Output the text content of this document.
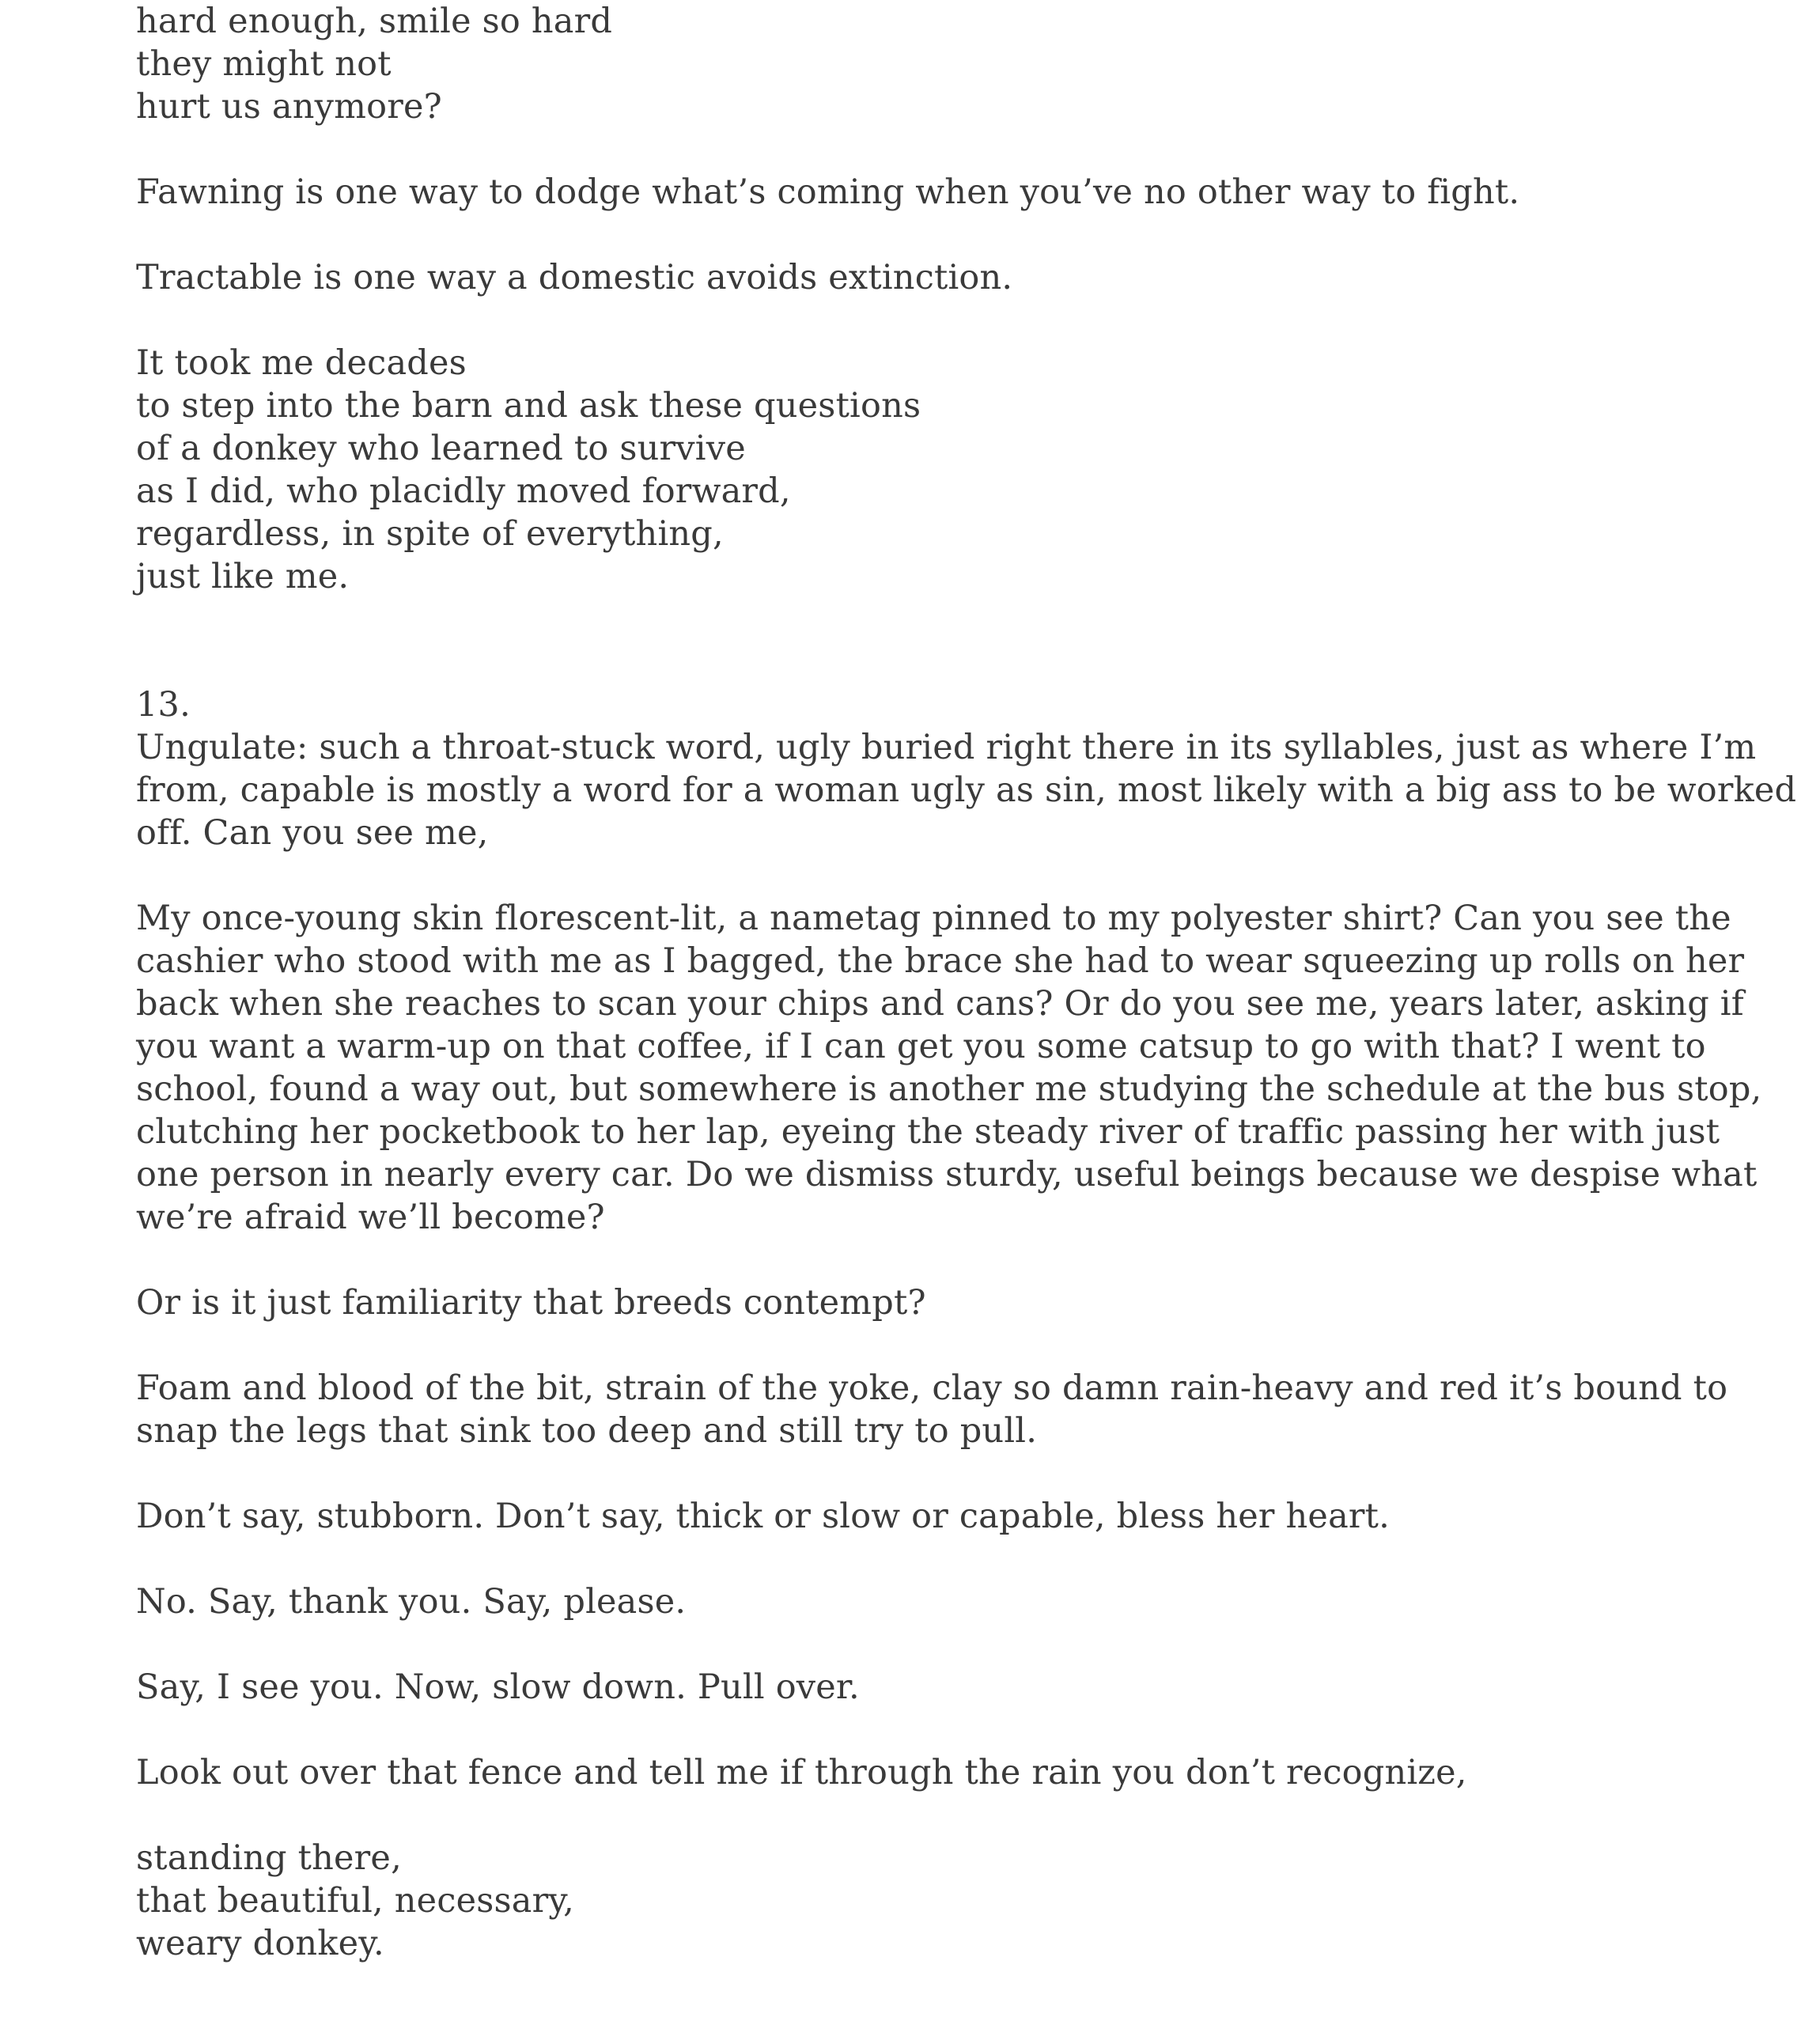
hard enough, smile so hard
they might not
hurt us anymore?
Fawning is one way to dodge what’s coming when you’ve no other way to fight.
Tractable is one way a domestic avoids extinction.
It took me decades
to step into the barn and ask these questions
of a donkey who learned to survive
as I did, who placidly moved forward,
regardless, in spite of everything,
just like me.
13.
Ungulate: such a throat-stuck word, ugly buried right there in its syllables, just as where I’m
from, capable is mostly a word for a woman ugly as sin, most likely with a big ass to be worked
off. Can you see me,
My once-young skin florescent-lit, a nametag pinned to my polyester shirt? Can you see the
cashier who stood with me as I bagged, the brace she had to wear squeezing up rolls on her
back when she reaches to scan your chips and cans? Or do you see me, years later, asking if
you want a warm-up on that coffee, if I can get you some catsup to go with that? I went to
school, found a way out, but somewhere is another me studying the schedule at the bus stop,
clutching her pocketbook to her lap, eyeing the steady river of traffic passing her with just
one person in nearly every car. Do we dismiss sturdy, useful beings because we despise what
we’re afraid we’ll become?
Or is it just familiarity that breeds contempt?
Foam and blood of the bit, strain of the yoke, clay so damn rain-heavy and red it’s bound to
snap the legs that sink too deep and still try to pull.
Don’t say, stubborn. Don’t say, thick or slow or capable, bless her heart.
No. Say, thank you. Say, please.
Say, I see you. Now, slow down. Pull over.
Look out over that fence and tell me if through the rain you don’t recognize,
standing there,
that beautiful, necessary,
weary donkey.
